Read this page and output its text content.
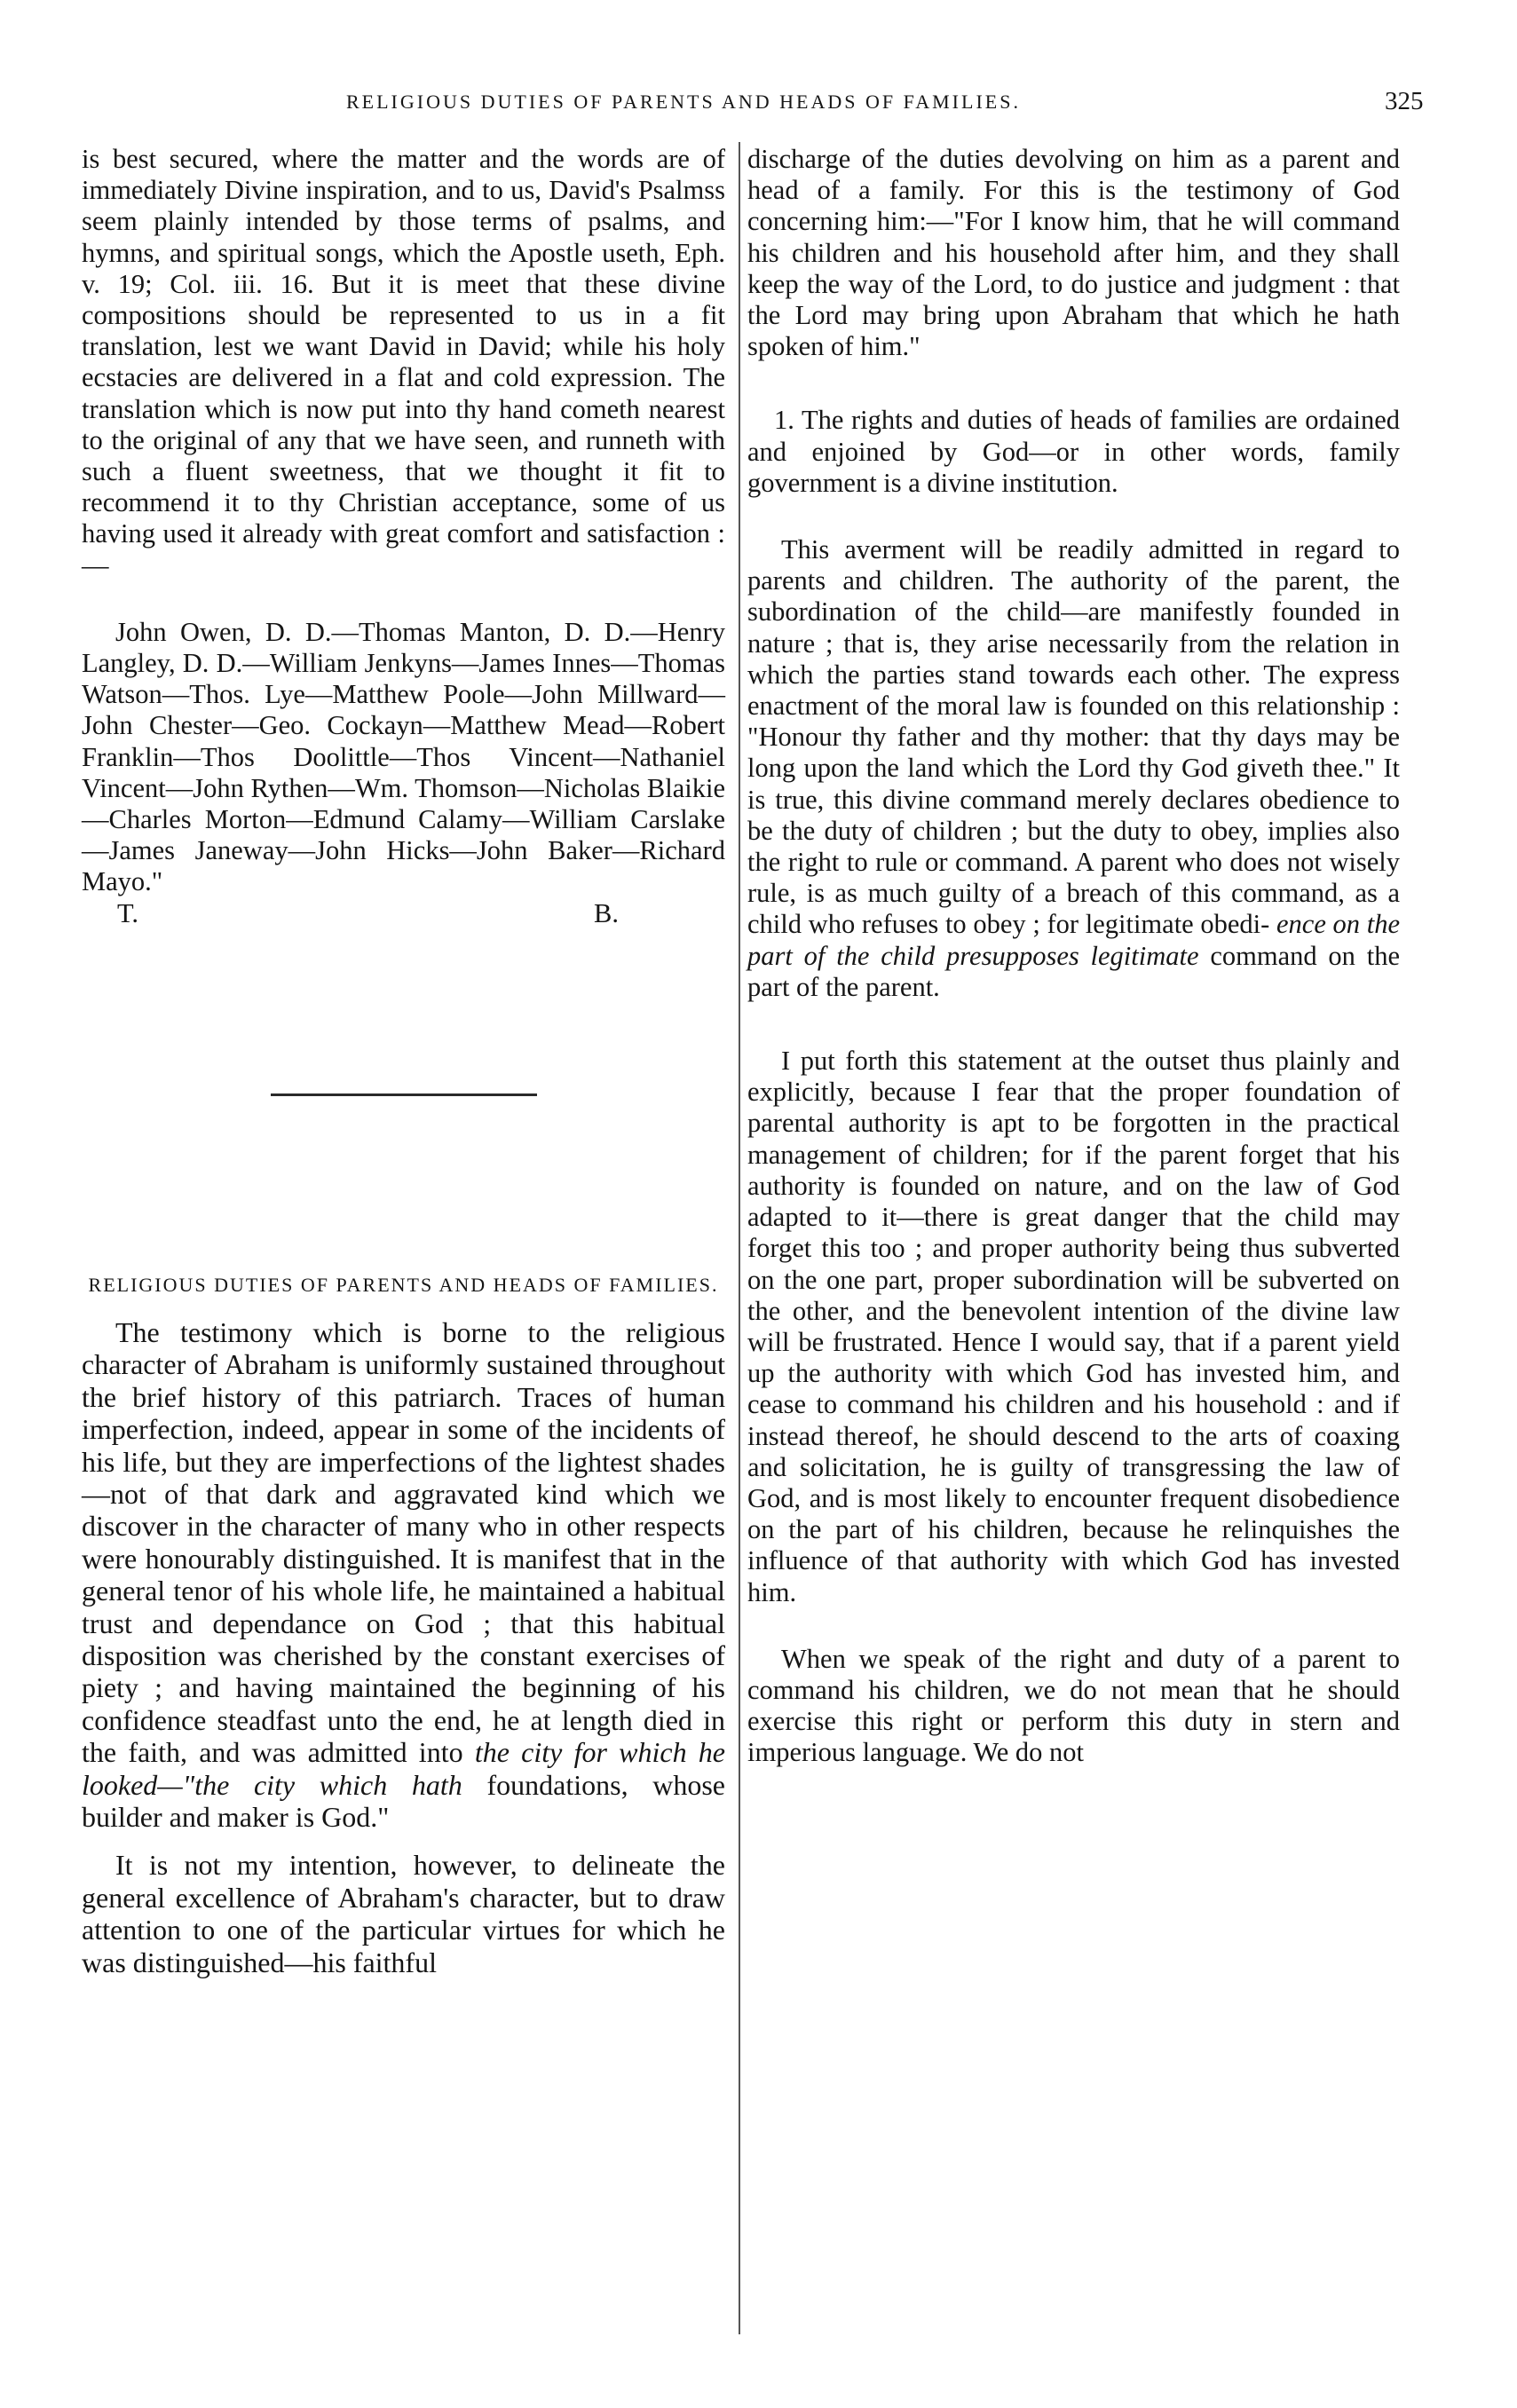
RELIGIOUS DUTIES OF PARENTS AND HEADS OF FAMILIES.	325

is best secured, where the matter and the words are of immediately Divine inspiration, and to us, David's Psalmss seem plainly intended by those terms of psalms, and hymns, and spiritual songs, which the Apostle useth, Eph. v. 19; Col. iii. 16. But it is meet that these divine compositions should be represented to us in a fit translation, lest we want David in David; while his holy ecstacies are delivered in a flat and cold expression. The translation which is now put into thy hand cometh nearest to the original of any that we have seen, and runneth with such a fluent sweetness, that we thought it fit to recommend it to thy Christian acceptance, some of us having used it already with great comfort and satisfaction :—

John Owen, D. D.—Thomas Manton, D. D.—Henry Langley, D. D.—William Jenkyns—James Innes—Thomas Watson—Thos. Lye—Matthew Poole—John Millward—John Chester—Geo. Cockayn—Matthew Mead—Robert Franklin—Thos Doolittle—Thos Vincent—Nathaniel Vincent—John Rythen—Wm. Thomson—Nicholas Blaikie—Charles Morton—Edmund Calamy—William Carslake—James Janeway—John Hicks—John Baker—Richard Mayo."

T.	B.
RELIGIOUS DUTIES OF PARENTS AND HEADS OF FAMILIES.

The testimony which is borne to the religious character of Abraham is uniformly sustained throughout the brief history of this patriarch. Traces of human imperfection, indeed, appear in some of the incidents of his life, but they are imperfections of the lightest shades—not of that dark and aggravated kind which we discover in the character of many who in other respects were honourably distinguished. It is manifest that in the general tenor of his whole life, he maintained a habitual trust and dependance on God ; that this habitual disposition was cherished by the constant exercises of piety ; and having maintained the beginning of his confidence steadfast unto the end, he at length died in the faith, and was admitted into the city for which he looked—"the city which hath foundations, whose builder and maker is God."

It is not my intention, however, to delineate the general excellence of Abraham's character, but to draw attention to one of the particular virtues for which he was distinguished—his faithful

discharge of the duties devolving on him as a parent and head of a family. For this is the testimony of God concerning him:—"For I know him, that he will command his children and his household after him, and they shall keep the way of the Lord, to do justice and judgment : that the Lord may bring upon Abraham that which he hath spoken of him."

1. The rights and duties of heads of families are ordained and enjoined by God—or in other words, family government is a divine institution.

This averment will be readily admitted in regard to parents and children. The authority of the parent, the subordination of the child—are manifestly founded in nature ; that is, they arise necessarily from the relation in which the parties stand towards each other. The express enactment of the moral law is founded on this relationship : "Honour thy father and thy mother: that thy days may be long upon the land which the Lord thy God giveth thee." It is true, this divine command merely declares obedience to be the duty of children ; but the duty to obey, implies also the right to rule or command. A parent who does not wisely rule, is as much guilty of a breach of this command, as a child who refuses to obey ; for legitimate obedi- ence on the part of the child presupposes legitimate command on the part of the parent.

I put forth this statement at the outset thus plainly and explicitly, because I fear that the proper foundation of parental authority is apt to be forgotten in the practical management of children; for if the parent forget that his authority is founded on nature, and on the law of God adapted to it—there is great danger that the child may forget this too ; and proper authority being thus subverted on the one part, proper subordination will be subverted on the other, and the benevolent intention of the divine law will be frustrated. Hence I would say, that if a parent yield up the authority with which God has invested him, and cease to command his children and his household : and if instead thereof, he should descend to the arts of coaxing and solicitation, he is guilty of transgressing the law of God, and is most likely to encounter frequent disobedience on the part of his children, because he relinquishes the influence of that authority with which God has invested him.

When we speak of the right and duty of a parent to command his children, we do not mean that he should exercise this right or perform this duty in stern and imperious language. We do not
